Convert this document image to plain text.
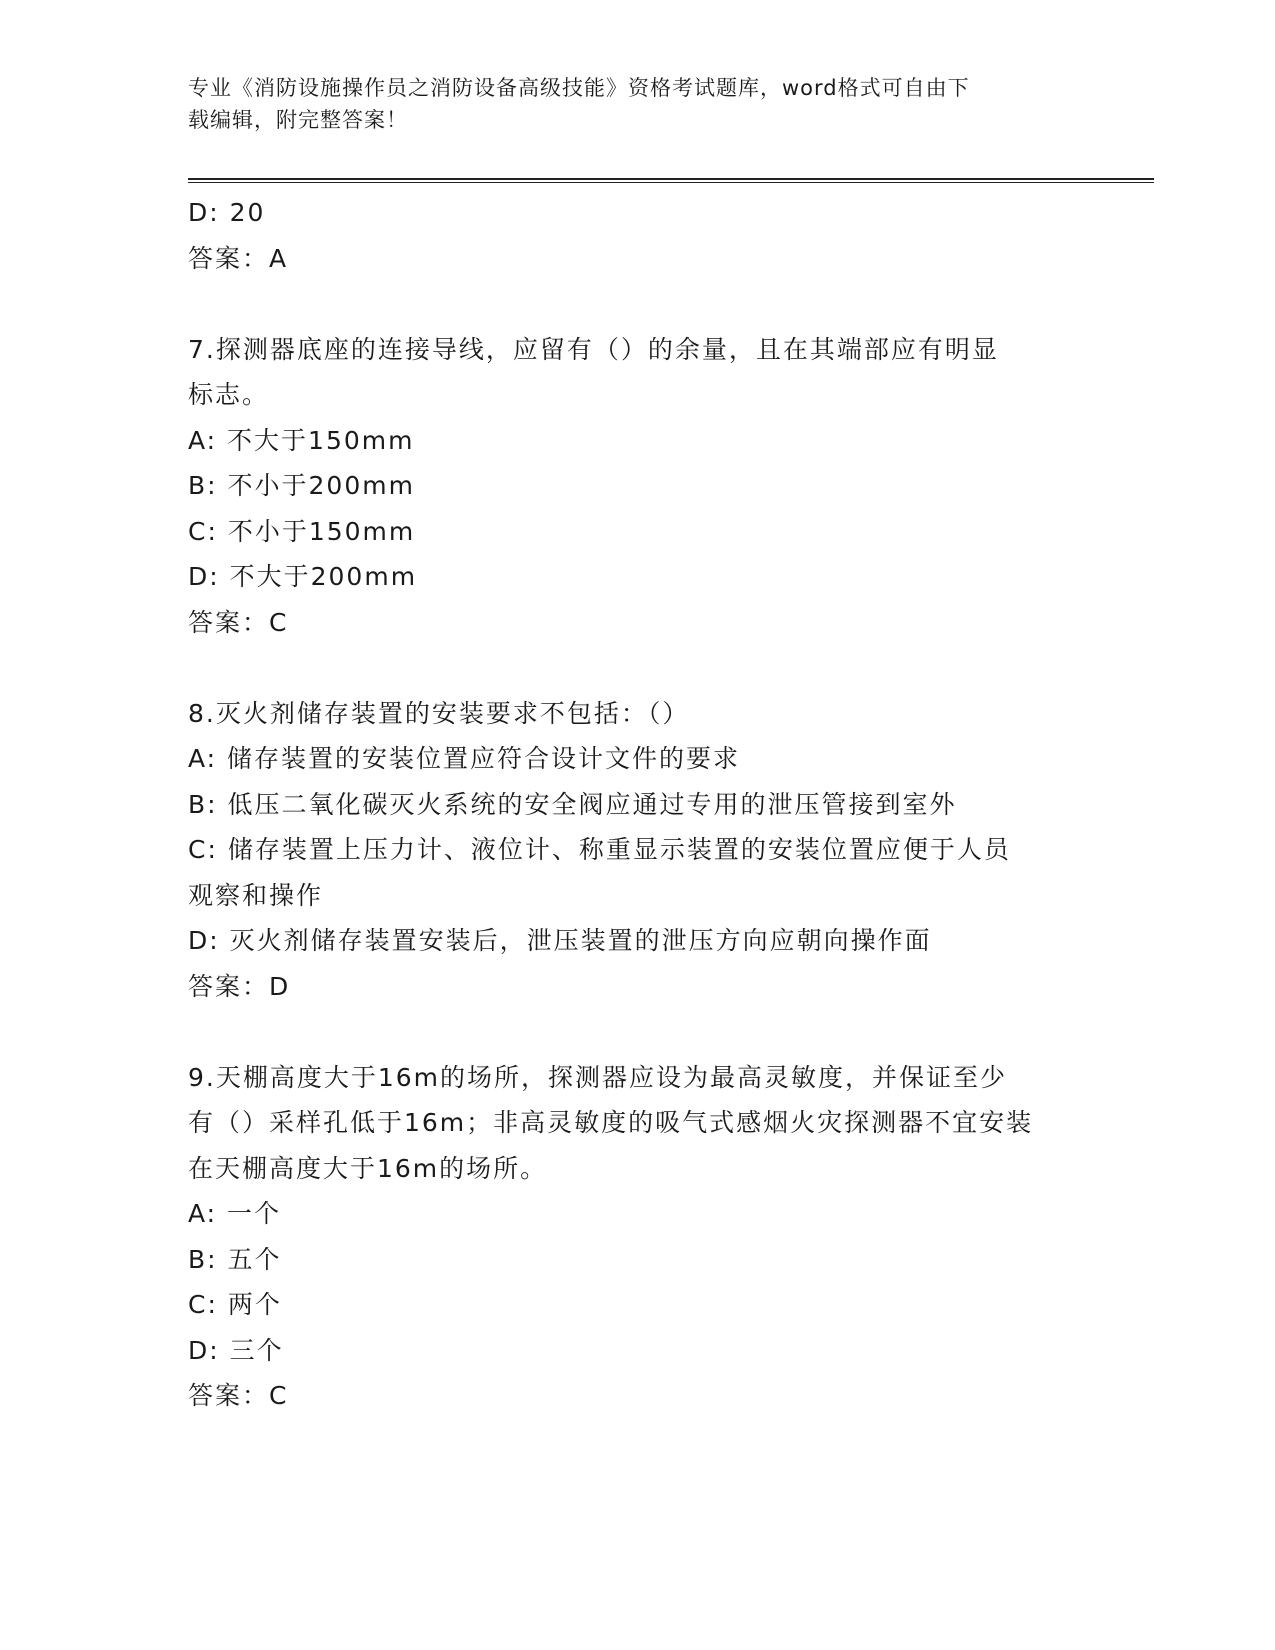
专业《消防设施操作员之消防设备高级技能》资格考试题库，word格式可自由下
载编辑，附完整答案！
D: 20
答案：A
7.探测器底座的连接导线，应留有（）的余量，且在其端部应有明显
标志。
A: 不大于150mm
B: 不小于200mm
C: 不小于150mm
D: 不大于200mm
答案：C
8.灭火剂储存装置的安装要求不包括：（）
A: 储存装置的安装位置应符合设计文件的要求
B: 低压二氧化碳灭火系统的安全阀应通过专用的泄压管接到室外
C: 储存装置上压力计、液位计、称重显示装置的安装位置应便于人员
观察和操作
D: 灭火剂储存装置安装后，泄压装置的泄压方向应朝向操作面
答案：D
9.天棚高度大于16m的场所，探测器应设为最高灵敏度，并保证至少
有（）采样孔低于16m；非高灵敏度的吸气式感烟火灾探测器不宜安装
在天棚高度大于16m的场所。
A: 一个
B: 五个
C: 两个
D: 三个
答案：C
